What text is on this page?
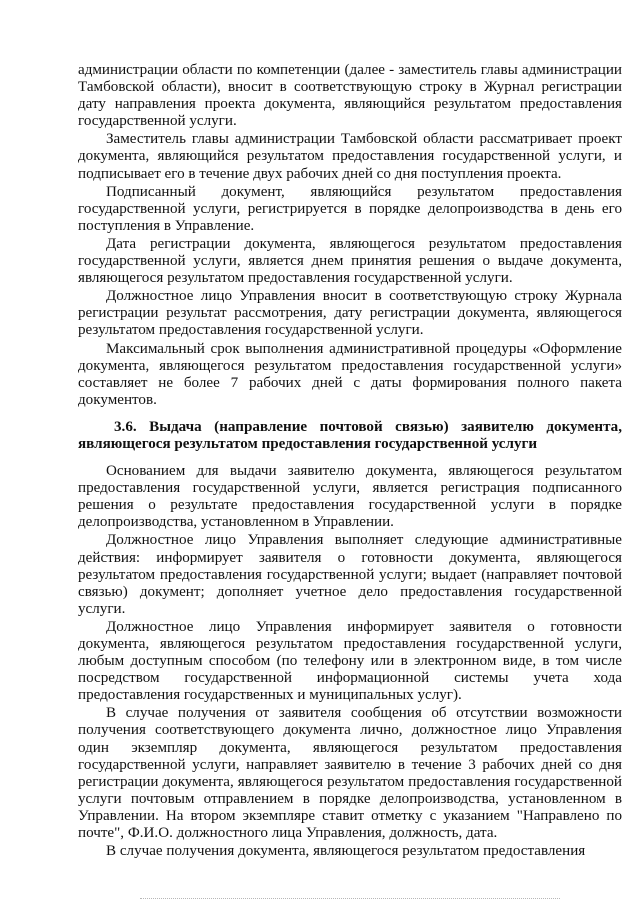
администрации области по компетенции (далее - заместитель главы администрации Тамбовской области), вносит в соответствующую строку в Журнал регистрации дату направления проекта документа, являющийся результатом предоставления государственной услуги.

Заместитель главы администрации Тамбовской области рассматривает проект документа, являющийся результатом предоставления государственной услуги, и подписывает его в течение двух рабочих дней со дня поступления проекта.

Подписанный документ, являющийся результатом предоставления государственной услуги, регистрируется в порядке делопроизводства в день его поступления в Управление.

Дата регистрации документа, являющегося результатом предоставления государственной услуги, является днем принятия решения о выдаче документа, являющегося результатом предоставления государственной услуги.

Должностное лицо Управления вносит в соответствующую строку Журнала регистрации результат рассмотрения, дату регистрации документа, являющегося результатом предоставления государственной услуги.

Максимальный срок выполнения административной процедуры «Оформление документа, являющегося результатом предоставления государственной услуги» составляет не более 7 рабочих дней с даты формирования полного пакета документов.

3.6. Выдача (направление почтовой связью) заявителю документа, являющегося результатом предоставления государственной услуги

Основанием для выдачи заявителю документа, являющегося результатом предоставления государственной услуги, является регистрация подписанного решения о результате предоставления государственной услуги в порядке делопроизводства, установленном в Управлении.

Должностное лицо Управления выполняет следующие административные действия: информирует заявителя о готовности документа, являющегося результатом предоставления государственной услуги; выдает (направляет почтовой связью) документ; дополняет учетное дело предоставления государственной услуги.

Должностное лицо Управления информирует заявителя о готовности документа, являющегося результатом предоставления государственной услуги, любым доступным способом (по телефону или в электронном виде, в том числе посредством государственной информационной системы учета хода предоставления государственных и муниципальных услуг).

В случае получения от заявителя сообщения об отсутствии возможности получения соответствующего документа лично, должностное лицо Управления один экземпляр документа, являющегося результатом предоставления государственной услуги, направляет заявителю в течение 3 рабочих дней со дня регистрации документа, являющегося результатом предоставления государственной услуги почтовым отправлением в порядке делопроизводства, установленном в Управлении. На втором экземпляре ставит отметку с указанием "Направлено по почте", Ф.И.О. должностного лица Управления, должность, дата.

В случае получения документа, являющегося результатом предоставления
